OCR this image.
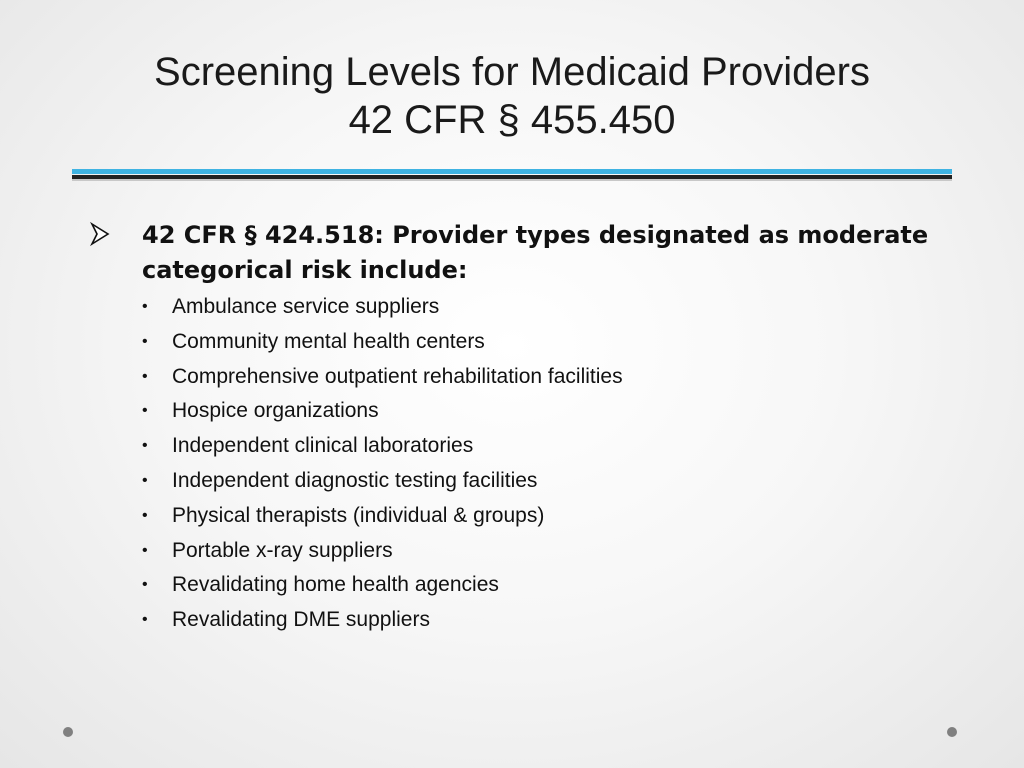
Screening Levels for Medicaid Providers
42 CFR § 455.450
42 CFR § 424.518: Provider types designated as moderate categorical risk include:
• Ambulance service suppliers
• Community mental health centers
• Comprehensive outpatient rehabilitation facilities
• Hospice organizations
• Independent clinical laboratories
• Independent diagnostic testing facilities
• Physical therapists (individual & groups)
• Portable x-ray suppliers
• Revalidating home health agencies
• Revalidating DME suppliers
